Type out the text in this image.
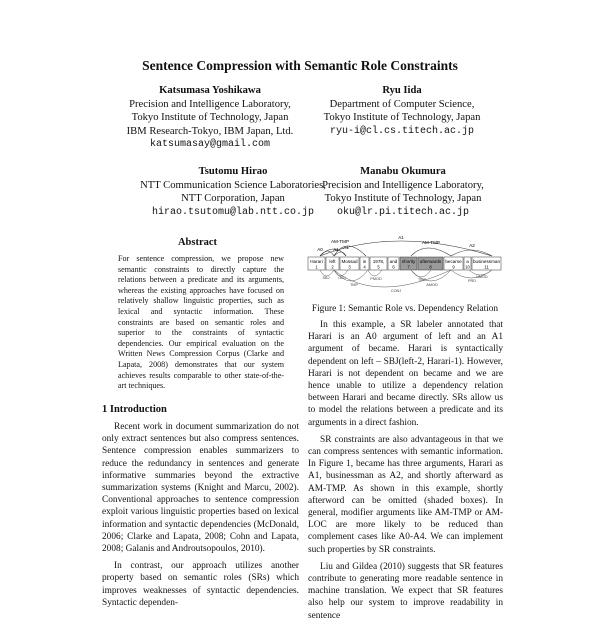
Sentence Compression with Semantic Role Constraints
Katsumasa Yoshikawa
Precision and Intelligence Laboratory,
Tokyo Institute of Technology, Japan
IBM Research-Tokyo, IBM Japan, Ltd.
katsumasay@gmail.com
Ryu Iida
Department of Computer Science,
Tokyo Institute of Technology, Japan
ryu-i@cl.cs.titech.ac.jp
Tsutomu Hirao
NTT Communication Science Laboratories,
NTT Corporation, Japan
hirao.tsutomu@lab.ntt.co.jp
Manabu Okumura
Precision and Intelligence Laboratory,
Tokyo Institute of Technology, Japan
oku@lr.pi.titech.ac.jp
Abstract
For sentence compression, we propose new semantic constraints to directly capture the relations between a predicate and its arguments, whereas the existing approaches have focused on relatively shallow linguistic properties, such as lexical and syntactic information. These constraints are based on semantic roles and superior to the constraints of syntactic dependencies. Our empirical evaluation on the Written News Compression Corpus (Clarke and Lapata, 2008) demonstrates that our system achieves results comparable to other state-of-the-art techniques.
1 Introduction

Recent work in document summarization do not only extract sentences but also compress sentences. Sentence compression enables summarizers to reduce the redundancy in sentences and generate informative summaries beyond the extractive summarization systems (Knight and Marcu, 2002). Conventional approaches to sentence compression exploit various linguistic properties based on lexical information and syntactic dependencies (McDonald, 2006; Clarke and Lapata, 2008; Cohn and Lapata, 2008; Galanis and Androutsopoulos, 2010).

In contrast, our approach utilizes another property based on semantic roles (SRs) which improves weaknesses of syntactic dependencies. Syntactic dependen-

A1
AM-TMP
A0 A1
AM-TMP
A1	A2
Harari
1
left
2
Mossad
3
in
4
1978,
5
and
6
shortly
7
afterwards
8
became
9
a
10
businessman
11
SBJ OBJ
TMP
PMOD	TMP
CONJ
AMOD
PRD
NMOD
Figure 1: Semantic Role vs. Dependency Relation

In this example, a SR labeler annotated that Harari is an A0 argument of left and an A1 argument of became. Harari is syntactically dependent on left – SBJ(left-2, Harari-1). However, Harari is not dependent on became and we are hence unable to utilize a dependency relation between Harari and became directly. SRs allow us to model the relations between a predicate and its arguments in a direct fashion.

SR constraints are also advantageous in that we can compress sentences with semantic information. In Figure 1, became has three arguments, Harari as A1, businessman as A2, and shortly afterward as AM-TMP. As shown in this example, shortly afterword can be omitted (shaded boxes). In general, modifier arguments like AM-TMP or AM-LOC are more likely to be reduced than complement cases like A0-A4. We can implement such properties by SR constraints.

Liu and Gildea (2010) suggests that SR features contribute to generating more readable sentence in machine translation. We expect that SR features also help our system to improve readability in sentence
